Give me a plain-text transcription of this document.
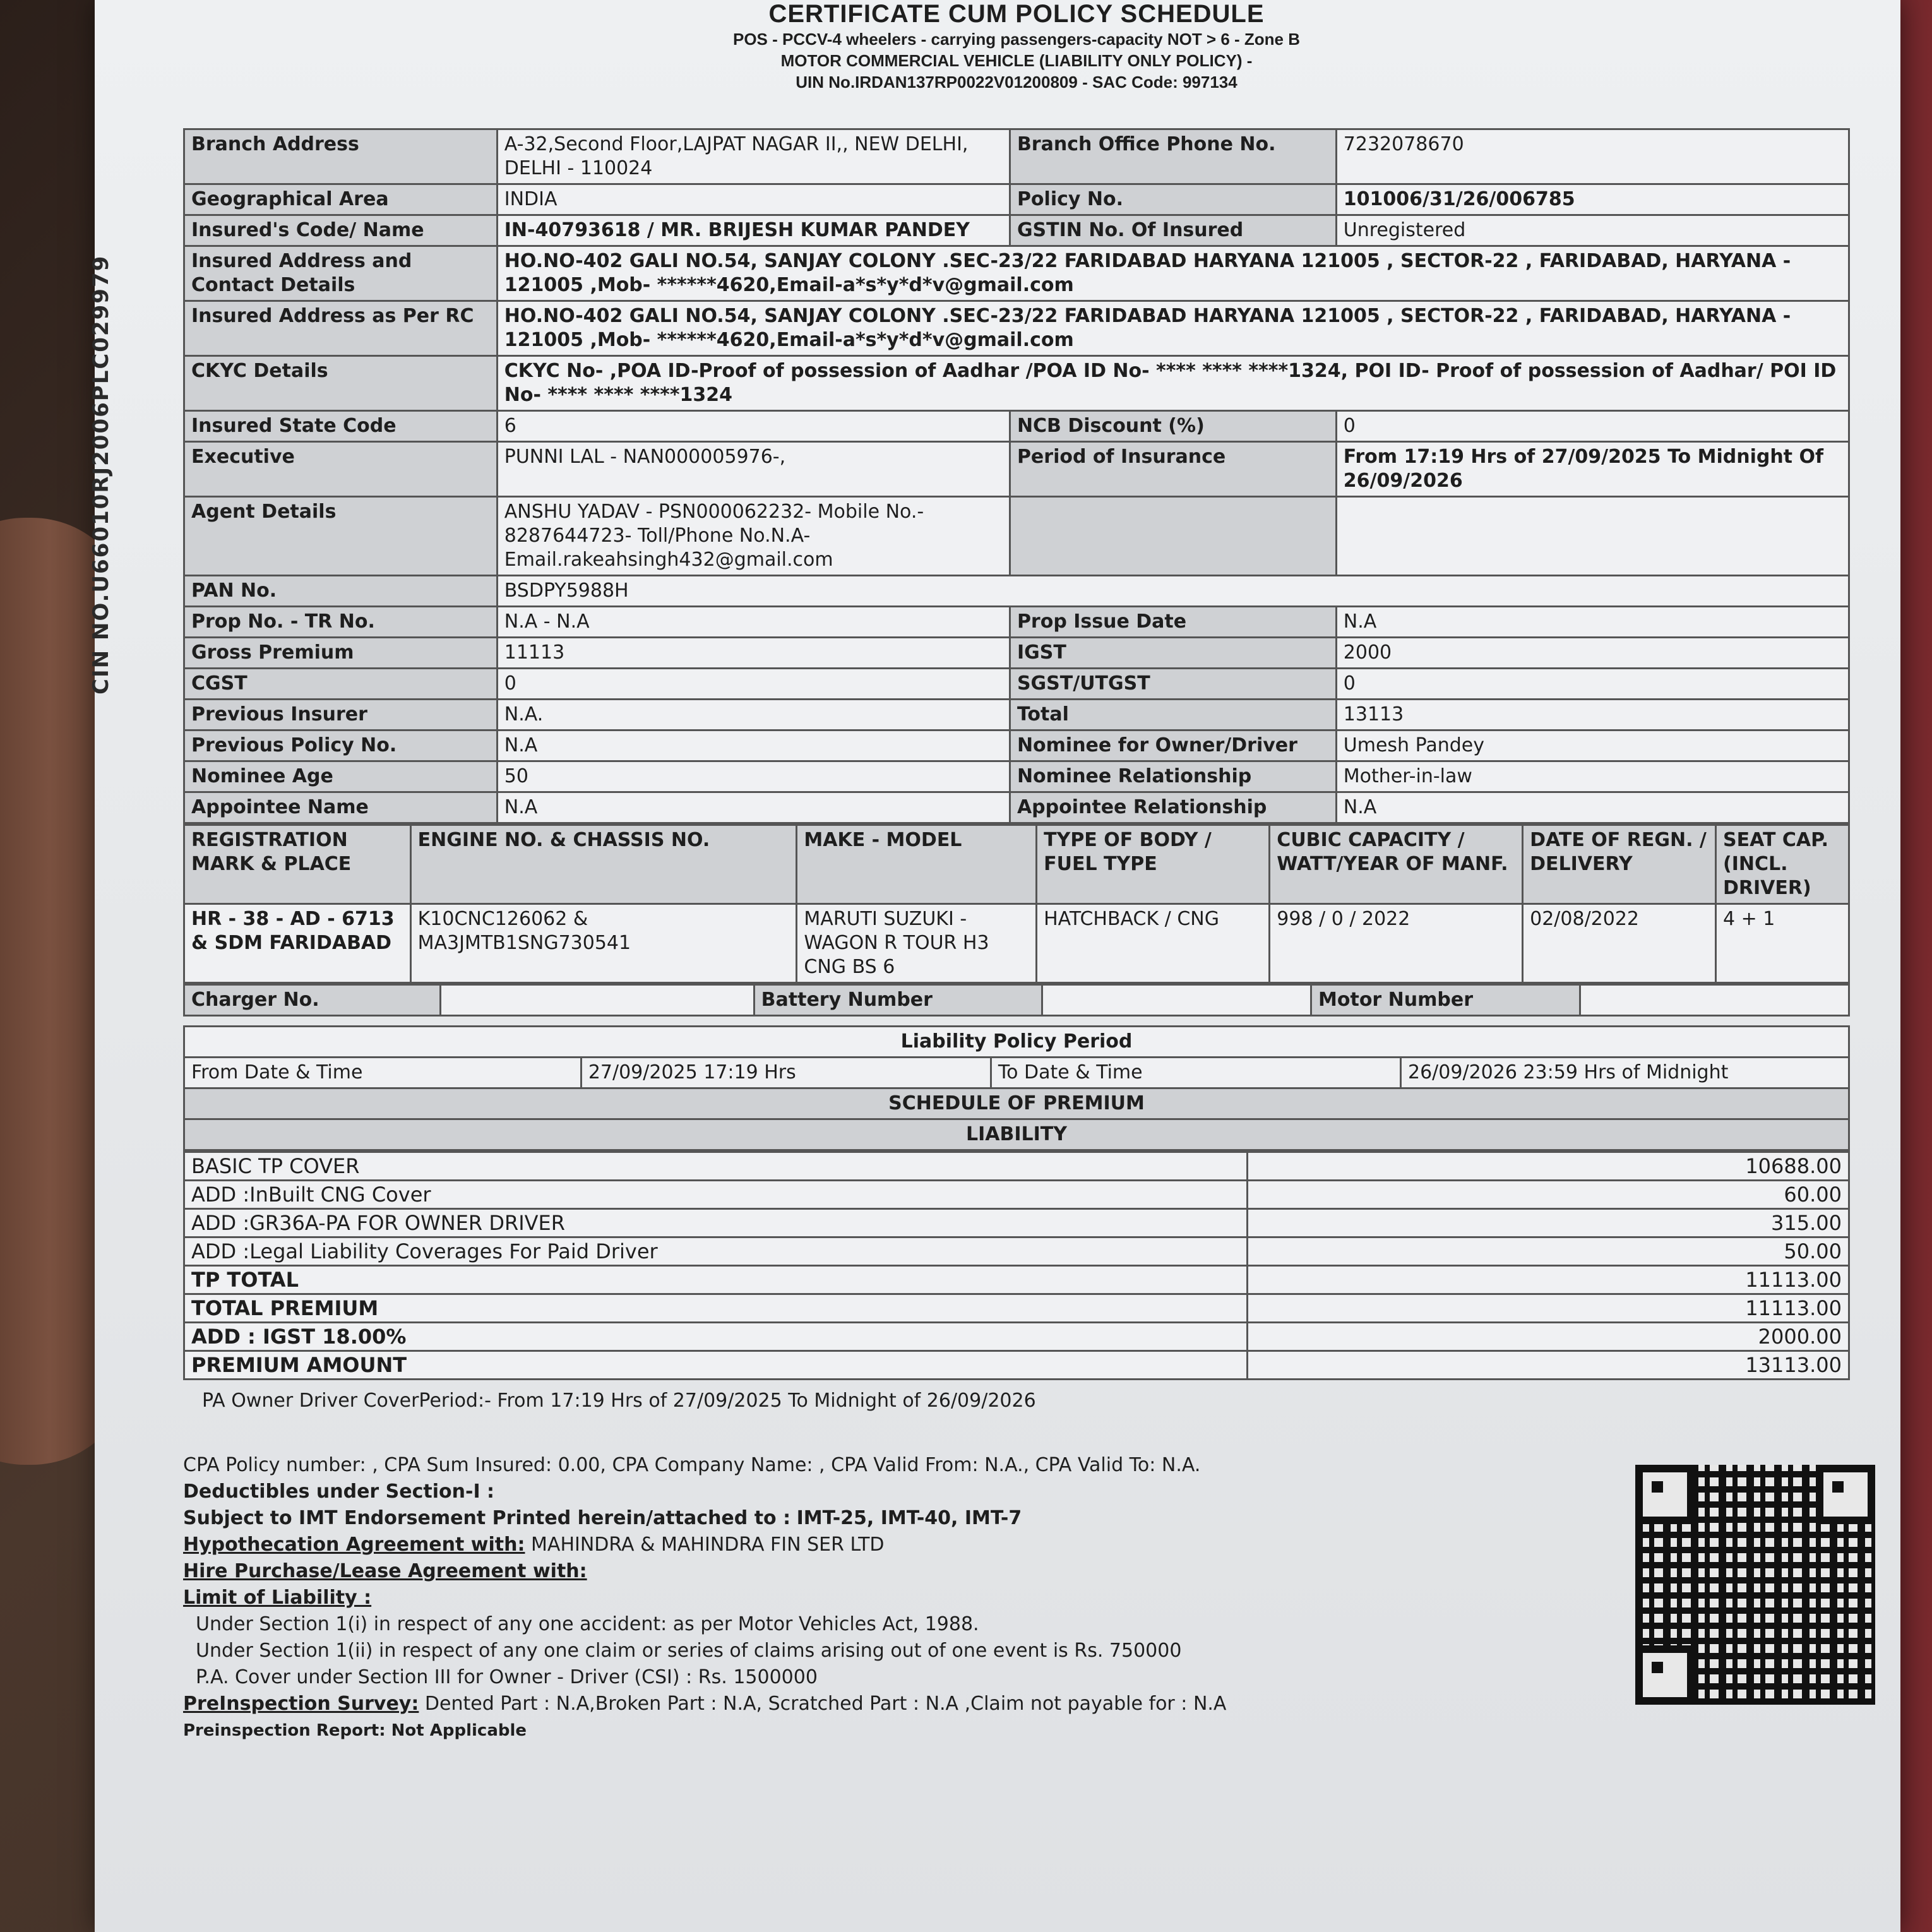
CIN NO.U66010RJ2006PLC029979
CERTIFICATE CUM POLICY SCHEDULE
POS - PCCV-4 wheelers - carrying passengers-capacity NOT > 6 - Zone B
MOTOR COMMERCIAL VEHICLE (LIABILITY ONLY POLICY) -
UIN No.IRDAN137RP0022V01200809 - SAC Code: 997134
Branch Address	A-32,Second Floor,LAJPAT NAGAR II,, NEW DELHI, DELHI - 110024	Branch Office Phone No.	7232078670
Geographical Area	INDIA	Policy No.	101006/31/26/006785
Insured's Code/ Name	IN-40793618 / MR. BRIJESH KUMAR PANDEY	GSTIN No. Of Insured	Unregistered
Insured Address and Contact Details	HO.NO-402 GALI NO.54, SANJAY COLONY .SEC-23/22 FARIDABAD HARYANA 121005 , SECTOR-22 , FARIDABAD, HARYANA - 121005 ,Mob- ******4620,Email-a*s*y*d*v@gmail.com		
Insured Address as Per RC	HO.NO-402 GALI NO.54, SANJAY COLONY .SEC-23/22 FARIDABAD HARYANA 121005 , SECTOR-22 , FARIDABAD, HARYANA - 121005 ,Mob- ******4620,Email-a*s*y*d*v@gmail.com		
CKYC Details	CKYC No- ,POA ID-Proof of possession of Aadhar /POA ID No- **** **** ****1324, POI ID- Proof of possession of Aadhar/ POI ID No- **** **** ****1324		
Insured State Code	6	NCB Discount (%)	0
Executive	PUNNI LAL - NAN000005976-,	Period of Insurance	From 17:19 Hrs of 27/09/2025 To Midnight Of 26/09/2026
Agent Details	ANSHU YADAV - PSN000062232- Mobile No.- 8287644723- Toll/Phone No.N.A- Email.rakeahsingh432@gmail.com		
PAN No.	BSDPY5988H		
Prop No. - TR No.	N.A - N.A	Prop Issue Date	N.A
Gross Premium	11113	IGST	2000
CGST	0	SGST/UTGST	0
Previous Insurer	N.A.	Total	13113
Previous Policy No.	N.A	Nominee for Owner/Driver	Umesh Pandey
Nominee Age	50	Nominee Relationship	Mother-in-law
Appointee Name	N.A	Appointee Relationship	N.A
REGISTRATION MARK & PLACE	ENGINE NO. & CHASSIS NO.	MAKE - MODEL	TYPE OF BODY / FUEL TYPE	CUBIC CAPACITY / WATT/YEAR OF MANF.	DATE OF REGN. / DELIVERY	SEAT CAP. (INCL. DRIVER)
HR - 38 - AD - 6713 & SDM FARIDABAD	K10CNC126062 & MA3JMTB1SNG730541	MARUTI SUZUKI - WAGON R TOUR H3 CNG BS 6	HATCHBACK / CNG	998 / 0 / 2022	02/08/2022	4 + 1
Charger No.		Battery Number		Motor Number	
Liability Policy Period
From Date & Time	27/09/2025 17:19 Hrs	To Date & Time	26/09/2026 23:59 Hrs of Midnight
SCHEDULE OF PREMIUM
LIABILITY
BASIC TP COVER	10688.00
ADD :InBuilt CNG Cover	60.00
ADD :GR36A-PA FOR OWNER DRIVER	315.00
ADD :Legal Liability Coverages For Paid Driver	50.00
TP TOTAL	11113.00
TOTAL PREMIUM	11113.00
ADD : IGST 18.00%	2000.00
PREMIUM AMOUNT	13113.00
PA Owner Driver CoverPeriod:- From 17:19 Hrs of 27/09/2025 To Midnight of 26/09/2026
CPA Policy number: , CPA Sum Insured: 0.00, CPA Company Name: , CPA Valid From: N.A., CPA Valid To: N.A.
Deductibles under Section-I :
Subject to IMT Endorsement Printed herein/attached to : IMT-25, IMT-40, IMT-7
Hypothecation Agreement with: MAHINDRA & MAHINDRA FIN SER LTD
Hire Purchase/Lease Agreement with:
Limit of Liability :
Under Section 1(i) in respect of any one accident: as per Motor Vehicles Act, 1988.
Under Section 1(ii) in respect of any one claim or series of claims arising out of one event is Rs. 750000
P.A. Cover under Section III for Owner - Driver (CSI) : Rs. 1500000
PreInspection Survey: Dented Part : N.A,Broken Part : N.A, Scratched Part : N.A ,Claim not payable for : N.A
Preinspection Report: Not Applicable
